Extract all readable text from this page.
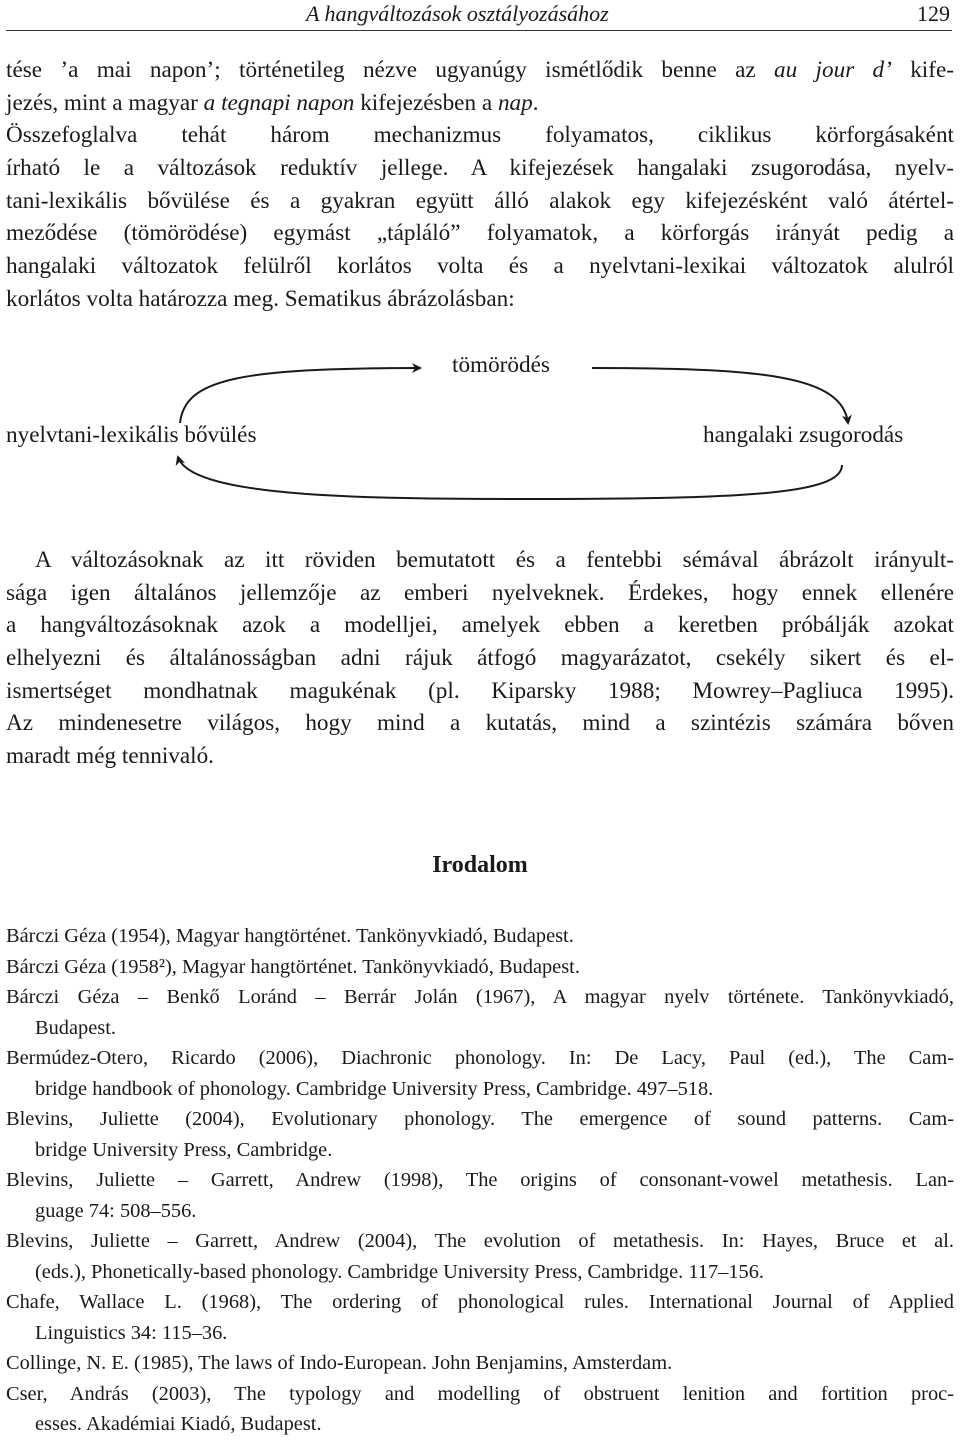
A hangváltozások osztályozásához	129
tése ’a mai napon’; történetileg nézve ugyanúgy ismétlődik benne az au jour d’ kife-
jezés, mint a magyar a tegnapi napon kifejezésben a nap.
Összefoglalva tehát három mechanizmus folyamatos, ciklikus körforgásaként
írható le a változások reduktív jellege. A kifejezések hangalaki zsugorodása, nyelv-
tani-lexikális bővülése és a gyakran együtt álló alakok egy kifejezésként való átértel-
meződése (tömörödése) egymást „tápláló” folyamatok, a körforgás irányát pedig a
hangalaki változatok felülről korlátos volta és a nyelvtani-lexikai változatok alulról
korlátos volta határozza meg. Sematikus ábrázolásban:
tömörödés
nyelvtani-lexikális bővülés	hangalaki zsugorodás
A változásoknak az itt röviden bemutatott és a fentebbi sémával ábrázolt irányult-
sága igen általános jellemzője az emberi nyelveknek. Érdekes, hogy ennek ellenére
a hangváltozásoknak azok a modelljei, amelyek ebben a keretben próbálják azokat
elhelyezni és általánosságban adni rájuk átfogó magyarázatot, csekély sikert és el-
ismertséget mondhatnak magukénak (pl. Kiparsky 1988; Mowrey–Pagliuca 1995).
Az mindenesetre világos, hogy mind a kutatás, mind a szintézis számára bőven
maradt még tennivaló.
Irodalom
Bárczi Géza (1954), Magyar hangtörténet. Tankönyvkiadó, Budapest.
Bárczi Géza (1958²), Magyar hangtörténet. Tankönyvkiadó, Budapest.
Bárczi Géza – Benkő Loránd – Berrár Jolán (1967), A magyar nyelv története. Tankönyvkiadó,
Budapest.
Bermúdez-Otero, Ricardo (2006), Diachronic phonology. In: De Lacy, Paul (ed.), The Cam-
bridge handbook of phonology. Cambridge University Press, Cambridge. 497–518.
Blevins, Juliette (2004), Evolutionary phonology. The emergence of sound patterns. Cam-
bridge University Press, Cambridge.
Blevins, Juliette – Garrett, Andrew (1998), The origins of consonant-vowel metathesis. Lan-
guage 74: 508–556.
Blevins, Juliette – Garrett, Andrew (2004), The evolution of metathesis. In: Hayes, Bruce et al.
(eds.), Phonetically-based phonology. Cambridge University Press, Cambridge. 117–156.
Chafe, Wallace L. (1968), The ordering of phonological rules. International Journal of Applied
Linguistics 34: 115–36.
Collinge, N. E. (1985), The laws of Indo-European. John Benjamins, Amsterdam.
Cser, András (2003), The typology and modelling of obstruent lenition and fortition proc-
esses. Akadémiai Kiadó, Budapest.
